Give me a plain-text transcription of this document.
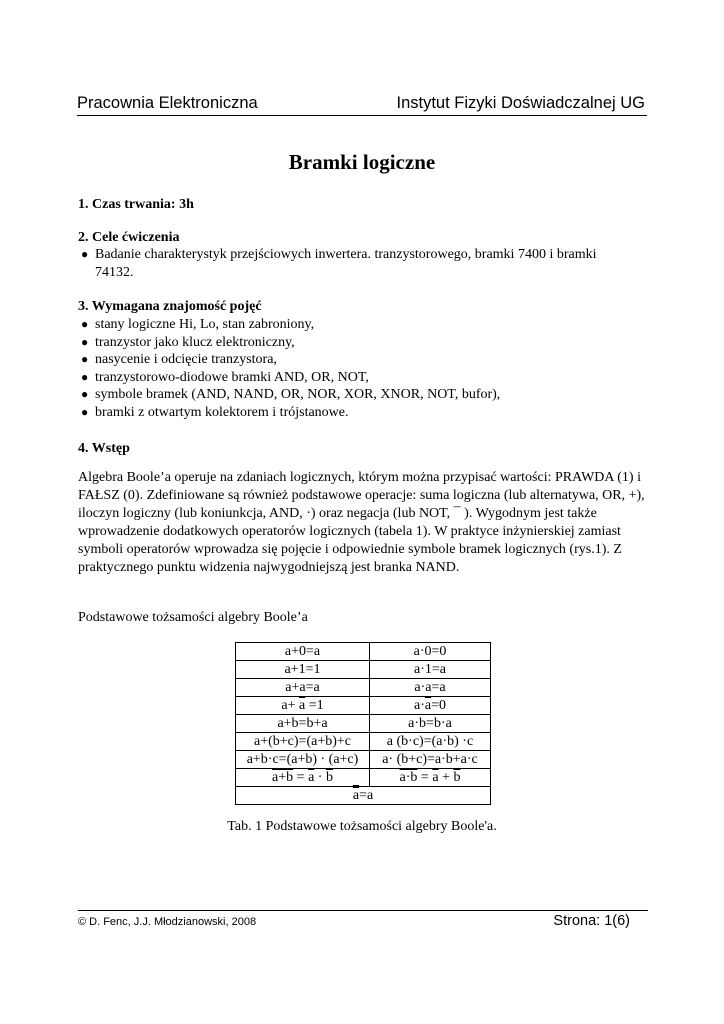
Pracownia Elektroniczna	Instytut Fizyki Doświadczalnej UG
Bramki logiczne
1. Czas trwania: 3h
2. Cele ćwiczenia
● Badanie charakterystyk przejściowych inwertera. tranzystorowego, bramki 7400 i bramki 74132.
3. Wymagana znajomość pojęć
● stany logiczne Hi, Lo, stan zabroniony,
● tranzystor jako klucz elektroniczny,
● nasycenie i odcięcie tranzystora,
● tranzystorowo-diodowe bramki AND, OR, NOT,
● symbole bramek (AND, NAND, OR, NOR, XOR, XNOR, NOT, bufor),
● bramki z otwartym kolektorem i trójstanowe.
4. Wstęp
Algebra Boole’a operuje na zdaniach logicznych, którym można przypisać wartości: PRAWDA (1) i FAŁSZ (0). Zdefiniowane są również podstawowe operacje: suma logiczna (lub alternatywa, OR, +), iloczyn logiczny (lub koniunkcja, AND, ·) oraz negacja (lub NOT, ¯ ). Wygodnym jest także wprowadzenie dodatkowych operatorów logicznych (tabela 1). W praktyce inżynierskiej zamiast symboli operatorów wprowadza się pojęcie i odpowiednie symbole bramek logicznych (rys.1). Z praktycznego punktu widzenia najwygodniejszą jest branka NAND.
Podstawowe tożsamości algebry Boole’a
a+0=a	a·0=0
a+1=1	a·1=a
a+a=a	a·a=a
$a+ \overline{a} =1$	$a\cdot\overline{a}=0$
a+b=b+a	a·b=b·a
a+(b+c)=(a+b)+c	a (b·c)=(a·b) ·c
a+b·c=(a+b) · (a+c)	a· (b+c)=a·b+a·c
$a+b = \overline{a} \cdot \overline{b}$	$a\cdot b = \overline{a} + \overline{b}$
a=a	
Tab. 1 Podstawowe tożsamości algebry Boole'a.
© D. Fenc, J.J. Młodzianowski, 2008	Strona: 1(6)
